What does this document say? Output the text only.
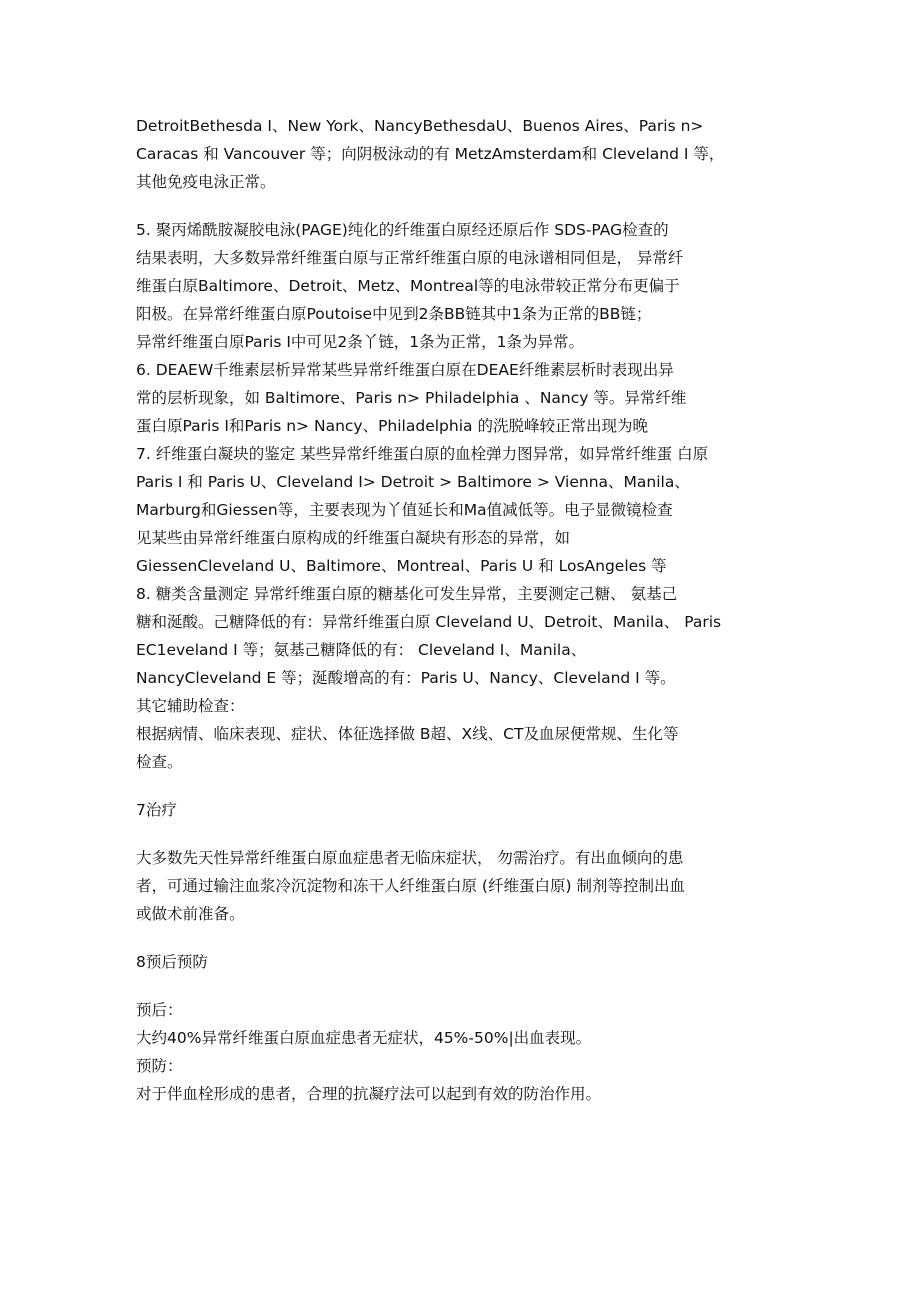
DetroitBethesda Ⅰ、New York、NancyBethesdaU、Buenos Aires、Paris n>
Caracas 和 Vancouver 等；向阴极泳动的有 MetzAmsterdam和 Cleveland Ⅰ 等，
其他免疫电泳正常。
5. 聚丙烯酰胺凝胶电泳(PAGE)纯化的纤维蛋白原经还原后作 SDS-PAG检查的
结果表明，大多数异常纤维蛋白原与正常纤维蛋白原的电泳谱相同但是， 异常纤
维蛋白原Baltimore、Detroit、Metz、Montreal等的电泳带较正常分布更偏于
阳极。在异常纤维蛋白原Poutoise中见到2条BB链其中1条为正常的BB链；
异常纤维蛋白原Paris Ⅰ中可见2条丫链，1条为正常，1条为异常。
6. DEAEW千维素层析异常某些异常纤维蛋白原在DEAE纤维素层析时表现出异
常的层析现象，如 Baltimore、Paris n> Philadelphia 、Nancy 等。异常纤维
蛋白原Paris Ⅰ和Paris n> Nancy、Philadelphia 的洗脱峰较正常出现为晚
7. 纤维蛋白凝块的鉴定 某些异常纤维蛋白原的血栓弹力图异常，如异常纤维蛋 白原
Paris Ⅰ 和 Paris U、Cleveland I> Detroit > Baltimore > Vienna、Manila、
Marburg和Giessen等，主要表现为丫值延长和Ma值减低等。电子显微镜检查
见某些由异常纤维蛋白原构成的纤维蛋白凝块有形态的异常，如
GiessenCleveland U、Baltimore、Montreal、Paris U 和 LosAngeles 等
8. 糖类含量测定 异常纤维蛋白原的糖基化可发生异常，主要测定己糖、 氨基己
糖和涎酸。己糖降低的有：异常纤维蛋白原 Cleveland U、Detroit、Manila、 Paris
EC1eveland Ⅰ 等；氨基己糖降低的有： Cleveland Ⅰ、Manila、
NancyCleveland E 等；涎酸增高的有：Paris U、Nancy、Cleveland Ⅰ 等。
其它辅助检查：
根据病情、临床表现、症状、体征选择做 B超、X线、CT及血尿便常规、生化等
检查。
7治疗
大多数先天性异常纤维蛋白原血症患者无临床症状， 勿需治疗。有出血倾向的患
者，可通过输注血浆冷沉淀物和冻干人纤维蛋白原 (纤维蛋白原) 制剂等控制出血
或做术前准备。
8预后预防
预后：
大约40%异常纤维蛋白原血症患者无症状，45%-50%|出血表现。
预防：
对于伴血栓形成的患者，合理的抗凝疗法可以起到有效的防治作用。
